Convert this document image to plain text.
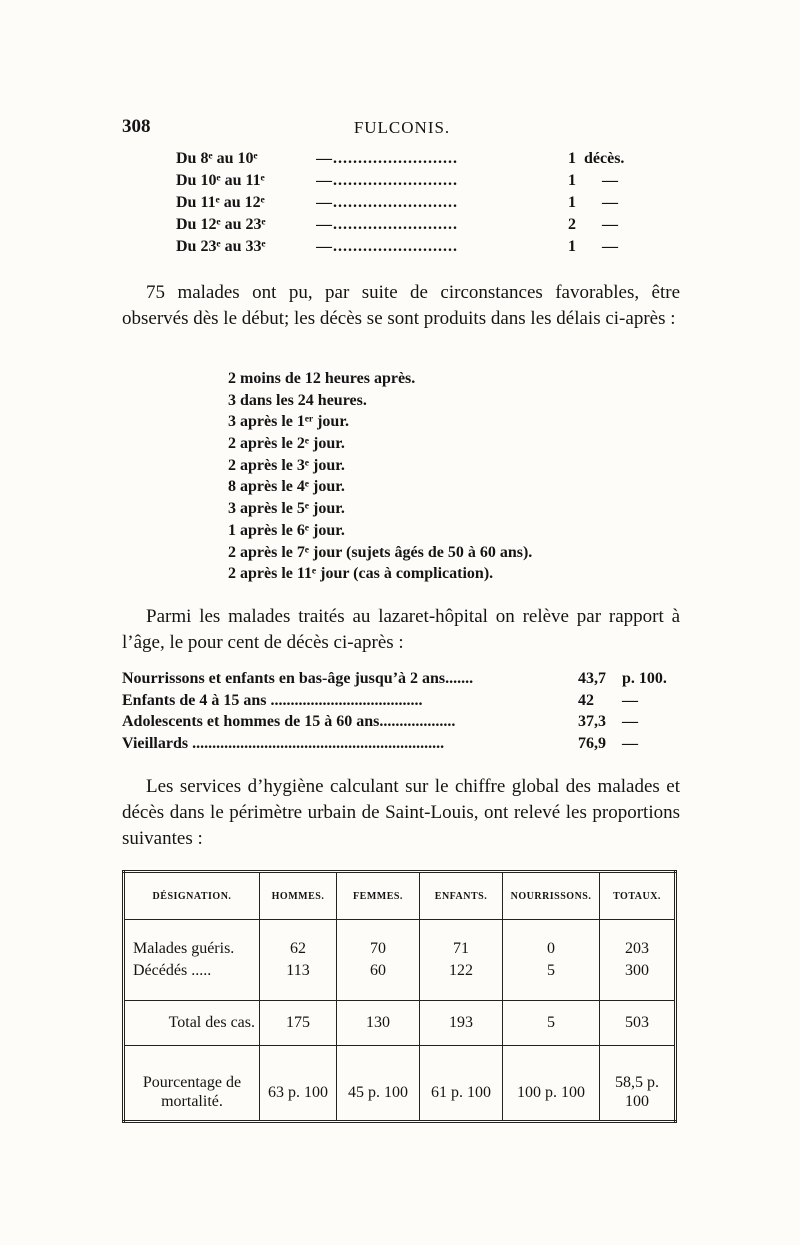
308	FULCONIS.
Du 8ᵉ au 10ᵉ	—.........................	1 décès.
Du 10ᵉ au 11ᵉ	—.........................	1 —
Du 11ᵉ au 12ᵉ	—.........................	1 —
Du 12ᵉ au 23ᵉ	—.........................	2 —
Du 23ᵉ au 33ᵉ	—.........................	1 —

75 malades ont pu, par suite de circonstances favorables, être observés dès le début; les décès se sont produits dans les délais ci-après :

2 moins de 12 heures après.
3 dans les 24 heures.
3 après le 1ᵉʳ jour.
2 après le 2ᵉ jour.
2 après le 3ᵉ jour.
8 après le 4ᵉ jour.
3 après le 5ᵉ jour.
1 après le 6ᵉ jour.
2 après le 7ᵉ jour (sujets âgés de 50 à 60 ans).
2 après le 11ᵉ jour (cas à complication).

Parmi les malades traités au lazaret-hôpital on relève par rapport à l’âge, le pour cent de décès ci-après :

Nourrissons et enfants en bas-âge jusqu’à 2 ans.......	43,7	p. 100.
Enfants de 4 à 15 ans ......................................	42	—
Adolescents et hommes de 15 à 60 ans...................	37,3	—
Vieillards ...............................................................	76,9	—

Les services d’hygiène calculant sur le chiffre global des malades et décès dans le périmètre urbain de Saint-Louis, ont relevé les proportions suivantes :

DÉSIGNATION.	HOMMES.	FEMMES.	ENFANTS.	NOURRISSONS.	TOTAUX.

Malades guéris.	62	70	71	0	203
Décédés .....	113	60	122	5	300

Total des cas.	175	130	193	5	503

Pourcentage de mortalité.	63 p. 100	45 p. 100	61 p. 100	100 p. 100	58,5 p. 100
